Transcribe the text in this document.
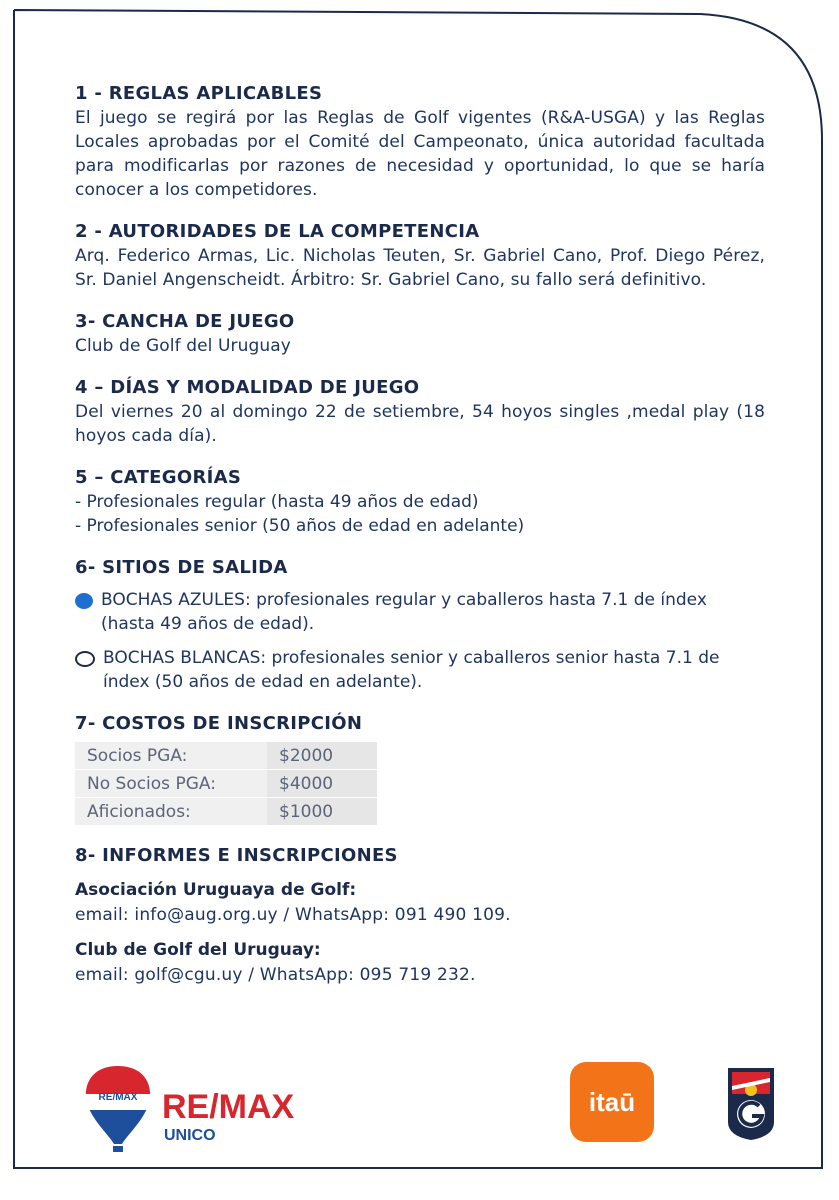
1 - REGLAS APLICABLES

El juego se regirá por las Reglas de Golf vigentes (R&A-USGA) y las Reglas Locales aprobadas por el Comité del Campeonato, única autoridad facultada para modificarlas por razones de necesidad y oportunidad, lo que se haría conocer a los competidores.

2 - AUTORIDADES DE LA COMPETENCIA

Arq. Federico Armas, Lic. Nicholas Teuten, Sr. Gabriel Cano, Prof. Diego Pérez, Sr. Daniel Angenscheidt. Árbitro: Sr. Gabriel Cano, su fallo será definitivo.

3- CANCHA DE JUEGO

Club de Golf del Uruguay

4 – DÍAS Y MODALIDAD DE JUEGO

Del viernes 20 al domingo 22 de setiembre, 54 hoyos singles ,medal play (18 hoyos cada día).

5 – CATEGORÍAS

- Profesionales regular (hasta 49 años de edad)

- Profesionales senior (50 años de edad en adelante)

6- SITIOS DE SALIDA

BOCHAS AZULES: profesionales regular y caballeros hasta 7.1 de índex (hasta 49 años de edad).
BOCHAS BLANCAS: profesionales senior y caballeros senior hasta 7.1 de índex (50 años de edad en adelante).

7- COSTOS DE INSCRIPCIÓN

Socios PGA:	$2000
No Socios PGA:	$4000
Aficionados:	$1000

8- INFORMES E INSCRIPCIONES

Asociación Uruguaya de Golf:

email: info@aug.org.uy / WhatsApp: 091 490 109.

Club de Golf del Uruguay:

email: golf@cgu.uy / WhatsApp: 095 719 232.

RE/MAX RE/MAX
UNICO
itaū
